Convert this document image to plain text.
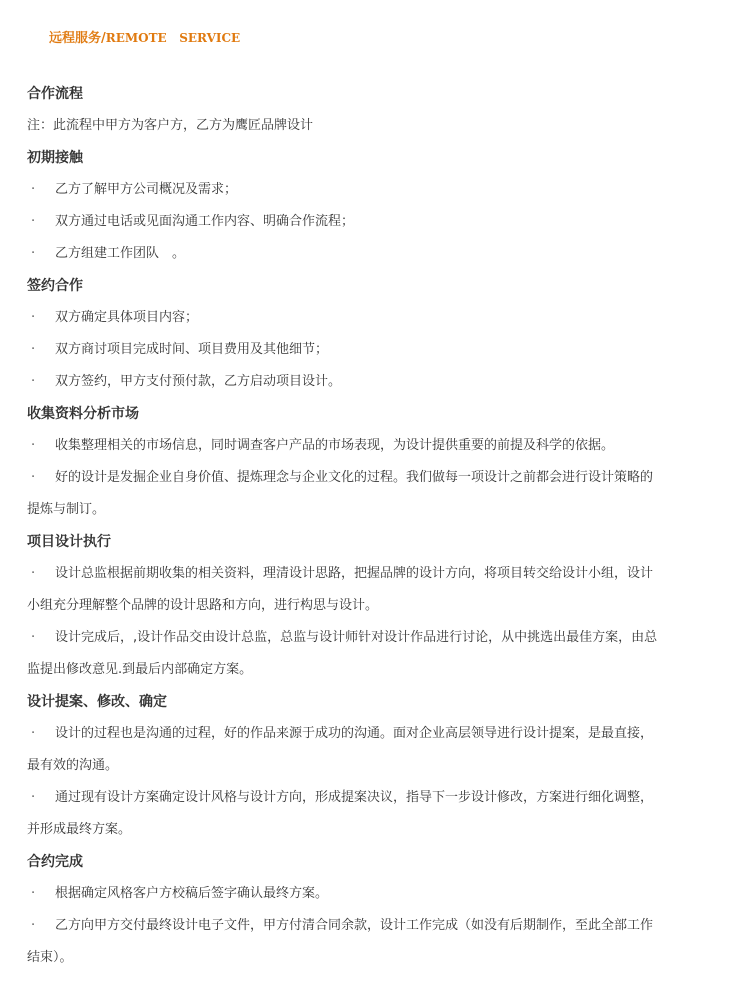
远程服务/REMOTE   SERVICE
合作流程
注：此流程中甲方为客户方，乙方为鹰匠品牌设计
初期接触
· 乙方了解甲方公司概况及需求；
· 双方通过电话或见面沟通工作内容、明确合作流程；
· 乙方组建工作团队　。
签约合作
· 双方确定具体项目内容；
· 双方商讨项目完成时间、项目费用及其他细节；
· 双方签约，甲方支付预付款，乙方启动项目设计。
收集资料分析市场
· 收集整理相关的市场信息，同时调查客户产品的市场表现，为设计提供重要的前提及科学的依据。
· 好的设计是发掘企业自身价值、提炼理念与企业文化的过程。我们做每一项设计之前都会进行设计策略的
提炼与制订。
项目设计执行
· 设计总监根据前期收集的相关资料，理清设计思路，把握品牌的设计方向，将项目转交给设计小组，设计
小组充分理解整个品牌的设计思路和方向，进行构思与设计。
· 设计完成后，,设计作品交由设计总监，总监与设计师针对设计作品进行讨论，从中挑选出最佳方案，由总
监提出修改意见.到最后内部确定方案。
设计提案、修改、确定
· 设计的过程也是沟通的过程，好的作品来源于成功的沟通。面对企业高层领导进行设计提案，是最直接，
最有效的沟通。
· 通过现有设计方案确定设计风格与设计方向，形成提案决议，指导下一步设计修改，方案进行细化调整，
并形成最终方案。
合约完成
· 根据确定风格客户方校稿后签字确认最终方案。
· 乙方向甲方交付最终设计电子文件，甲方付清合同余款，设计工作完成（如没有后期制作，至此全部工作
结束）。
